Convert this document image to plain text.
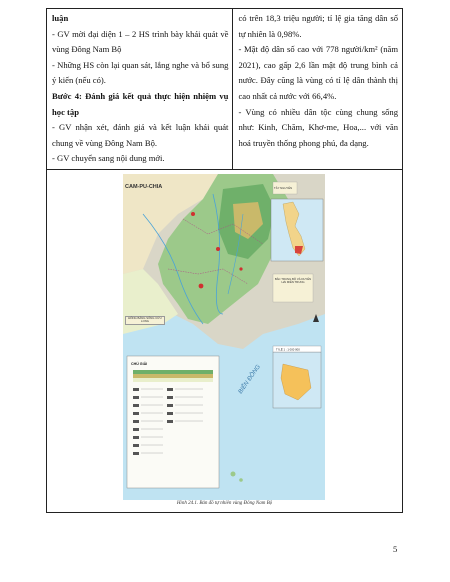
luận
- GV mời đại diện 1 – 2 HS trình bày khái quát về vùng Đông Nam Bộ
- Những HS còn lại quan sát, lắng nghe và bổ sung ý kiến (nếu có).
Bước 4: Đánh giá kết quả thực hiện nhiệm vụ học tập
- GV nhận xét, đánh giá và kết luận khái quát chung về vùng Đông Nam Bộ.
- GV chuyển sang nội dung mới.

có trên 18,3 triệu người; tỉ lệ gia tăng dân số tự nhiên là 0,98%.
- Mật độ dân số cao với 778 người/km² (năm 2021), cao gấp 2,6 lần mật độ trung bình cả nước. Đây cũng là vùng có tỉ lệ dân thành thị cao nhất cả nước với 66,4%.
- Vùng có nhiều dân tộc cùng chung sống như: Kinh, Chăm, Khơ-me, Hoa,... với văn hoá truyền thống phong phú, đa dạng.

CAM-PU-CHIA	TÂY NGUYÊN
BẮC TRUNG BỘ VÀ DUYÊN HẢI MIỀN TRUNG
ĐỒNG BẰNG SÔNG CỬU LONG
BIỂN ĐÔNG
CHÚ GIẢI
TỈ LỆ 1 : 1 000 000
Hình 24.1. Bản đồ tự nhiên vùng Đông Nam Bộ
5
